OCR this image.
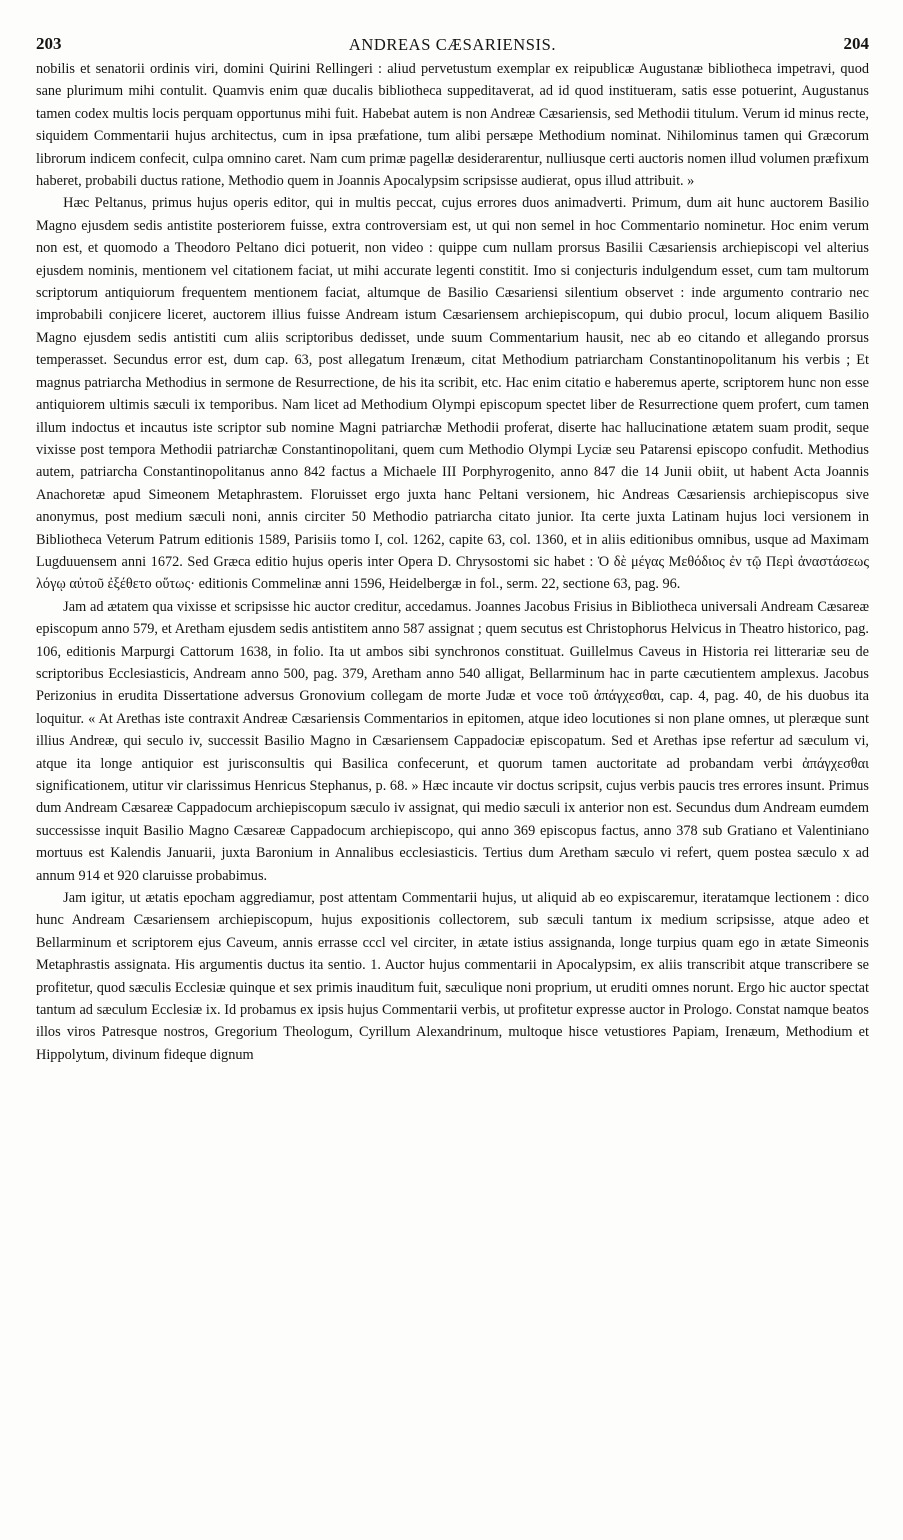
203	ANDREAS CÆSARIENSIS.	204

nobilis et senatorii ordinis viri, domini Quirini Rellingeri : aliud pervetustum exemplar ex reipublicæ Augustanæ bibliotheca impetravi, quod sane plurimum mihi contulit. Quamvis enim quæ ducalis bibliotheca suppeditaverat, ad id quod institueram, satis esse potuerint, Augustanus tamen codex multis locis perquam opportunus mihi fuit. Habebat autem is non Andreæ Cæsariensis, sed Methodii titulum. Verum id minus recte, siquidem Commentarii hujus architectus, cum in ipsa præfatione, tum alibi persæpe Methodium nominat. Nihilominus tamen qui Græcorum librorum indicem confecit, culpa omnino caret. Nam cum primæ pagellæ desiderarentur, nulliusque certi auctoris nomen illud volumen præfixum haberet, probabili ductus ratione, Methodio quem in Joannis Apocalypsim scripsisse audierat, opus illud attribuit. »

Hæc Peltanus, primus hujus operis editor, qui in multis peccat, cujus errores duos animadverti. Primum, dum ait hunc auctorem Basilio Magno ejusdem sedis antistite posteriorem fuisse, extra controversiam est, ut qui non semel in hoc Commentario nominetur. Hoc enim verum non est, et quomodo a Theodoro Peltano dici potuerit, non video : quippe cum nullam prorsus Basilii Cæsariensis archiepiscopi vel alterius ejusdem nominis, mentionem vel citationem faciat, ut mihi accurate legenti constitit. Imo si conjecturis indulgendum esset, cum tam multorum scriptorum antiquiorum frequentem mentionem faciat, altumque de Basilio Cæsariensi silentium observet : inde argumento contrario nec improbabili conjicere liceret, auctorem illius fuisse Andream istum Cæsariensem archiepiscopum, qui dubio procul, locum aliquem Basilio Magno ejusdem sedis antistiti cum aliis scriptoribus dedisset, unde suum Commentarium hausit, nec ab eo citando et allegando prorsus temperasset. Secundus error est, dum cap. 63, post allegatum Irenæum, citat Methodium patriarcham Constantinopolitanum his verbis ; Et magnus patriarcha Methodius in sermone de Resurrectione, de his ita scribit, etc. Hac enim citatio e haberemus aperte, scriptorem hunc non esse antiquiorem ultimis sæculi ix temporibus. Nam licet ad Methodium Olympi episcopum spectet liber de Resurrectione quem profert, cum tamen illum indoctus et incautus iste scriptor sub nomine Magni patriarchæ Methodii proferat, diserte hac hallucinatione ætatem suam prodit, seque vixisse post tempora Methodii patriarchæ Constantinopolitani, quem cum Methodio Olympi Lyciæ seu Patarensi episcopo confudit. Methodius autem, patriarcha Constantinopolitanus anno 842 factus a Michaele III Porphyrogenito, anno 847 die 14 Junii obiit, ut habent Acta Joannis Anachoretæ apud Simeonem Metaphrastem. Floruisset ergo juxta hanc Peltani versionem, hic Andreas Cæsariensis archiepiscopus sive anonymus, post medium sæculi noni, annis circiter 50 Methodio patriarcha citato junior. Ita certe juxta Latinam hujus loci versionem in Bibliotheca Veterum Patrum editionis 1589, Parisiis tomo I, col. 1262, capite 63, col. 1360, et in aliis editionibus omnibus, usque ad Maximam Lugduuensem anni 1672. Sed Græca editio hujus operis inter Opera D. Chrysostomi sic habet : Ὁ δὲ μέγας Μεθόδιος ἐν τῷ Περὶ ἀναστάσεως λόγῳ αὐτοῦ ἐξέθετο οὕτως· editionis Commelinæ anni 1596, Heidelbergæ in fol., serm. 22, sectione 63, pag. 96.

Jam ad ætatem qua vixisse et scripsisse hic auctor creditur, accedamus. Joannes Jacobus Frisius in Bibliotheca universali Andream Cæsareæ episcopum anno 579, et Aretham ejusdem sedis antistitem anno 587 assignat ; quem secutus est Christophorus Helvicus in Theatro historico, pag. 106, editionis Marpurgi Cattorum 1638, in folio. Ita ut ambos sibi synchronos constituat. Guillelmus Caveus in Historia rei litterariæ seu de scriptoribus Ecclesiasticis, Andream anno 500, pag. 379, Aretham anno 540 alligat, Bellarminum hac in parte cæcutientem amplexus. Jacobus Perizonius in erudita Dissertatione adversus Gronovium collegam de morte Judæ et voce τοῦ ἀπάγχεσθαι, cap. 4, pag. 40, de his duobus ita loquitur. « At Arethas iste contraxit Andreæ Cæsariensis Commentarios in epitomen, atque ideo locutiones si non plane omnes, ut pleræque sunt illius Andreæ, qui seculo iv, successit Basilio Magno in Cæsariensem Cappadociæ episcopatum. Sed et Arethas ipse refertur ad sæculum vi, atque ita longe antiquior est jurisconsultis qui Basilica confecerunt, et quorum tamen auctoritate ad probandam verbi ἀπάγχεσθαι significationem, utitur vir clarissimus Henricus Stephanus, p. 68. » Hæc incaute vir doctus scripsit, cujus verbis paucis tres errores insunt. Primus dum Andream Cæsareæ Cappadocum archiepiscopum sæculo iv assignat, qui medio sæculi ix anterior non est. Secundus dum Andream eumdem successisse inquit Basilio Magno Cæsareæ Cappadocum archiepiscopo, qui anno 369 episcopus factus, anno 378 sub Gratiano et Valentiniano mortuus est Kalendis Januarii, juxta Baronium in Annalibus ecclesiasticis. Tertius dum Aretham sæculo vi refert, quem postea sæculo x ad annum 914 et 920 claruisse probabimus.

Jam igitur, ut ætatis epocham aggrediamur, post attentam Commentarii hujus, ut aliquid ab eo expiscaremur, iteratamque lectionem : dico hunc Andream Cæsariensem archiepiscopum, hujus expositionis collectorem, sub sæculi tantum ix medium scripsisse, atque adeo et Bellarminum et scriptorem ejus Caveum, annis errasse cccl vel circiter, in ætate istius assignanda, longe turpius quam ego in ætate Simeonis Metaphrastis assignata. His argumentis ductus ita sentio. 1. Auctor hujus commentarii in Apocalypsim, ex aliis transcribit atque transcribere se profitetur, quod sæculis Ecclesiæ quinque et sex primis inauditum fuit, sæculique noni proprium, ut eruditi omnes norunt. Ergo hic auctor spectat tantum ad sæculum Ecclesiæ ix. Id probamus ex ipsis hujus Commentarii verbis, ut profitetur expresse auctor in Prologo. Constat namque beatos illos viros Patresque nostros, Gregorium Theologum, Cyrillum Alexandrinum, multoque hisce vetustiores Papiam, Irenæum, Methodium et Hippolytum, divinum fideque dignum
